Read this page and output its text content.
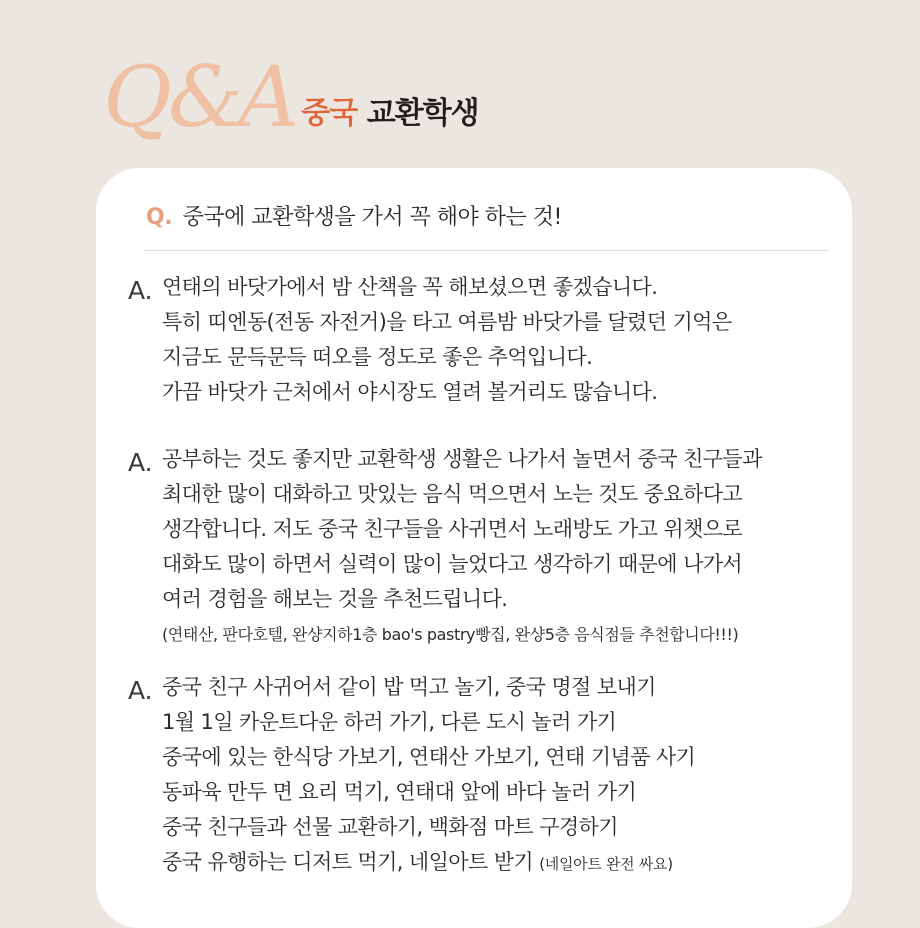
Q&A 중국 교환학생
Q. 중국에 교환학생을 가서 꼭 해야 하는 것!
A. 연태의 바닷가에서 밤 산책을 꼭 해보셨으면 좋겠습니다.
특히 띠엔동(전동 자전거)을 타고 여름밤 바닷가를 달렸던 기억은
지금도 문득문득 떠오를 정도로 좋은 추억입니다.
가끔 바닷가 근처에서 야시장도 열려 볼거리도 많습니다.
A. 공부하는 것도 좋지만 교환학생 생활은 나가서 놀면서 중국 친구들과
최대한 많이 대화하고 맛있는 음식 먹으면서 노는 것도 중요하다고
생각합니다. 저도 중국 친구들을 사귀면서 노래방도 가고 위챗으로
대화도 많이 하면서 실력이 많이 늘었다고 생각하기 때문에 나가서
여러 경험을 해보는 것을 추천드립니다.
(연태산, 판다호텔, 완샹지하1층 bao's pastry빵집, 완샹5층 음식점들 추천합니다!!!)
A. 중국 친구 사귀어서 같이 밥 먹고 놀기, 중국 명절 보내기
1월 1일 카운트다운 하러 가기, 다른 도시 놀러 가기
중국에 있는 한식당 가보기, 연태산 가보기, 연태 기념품 사기
동파육 만두 면 요리 먹기, 연태대 앞에 바다 놀러 가기
중국 친구들과 선물 교환하기, 백화점 마트 구경하기
중국 유행하는 디저트 먹기, 네일아트 받기 (네일아트 완전 싸요)
